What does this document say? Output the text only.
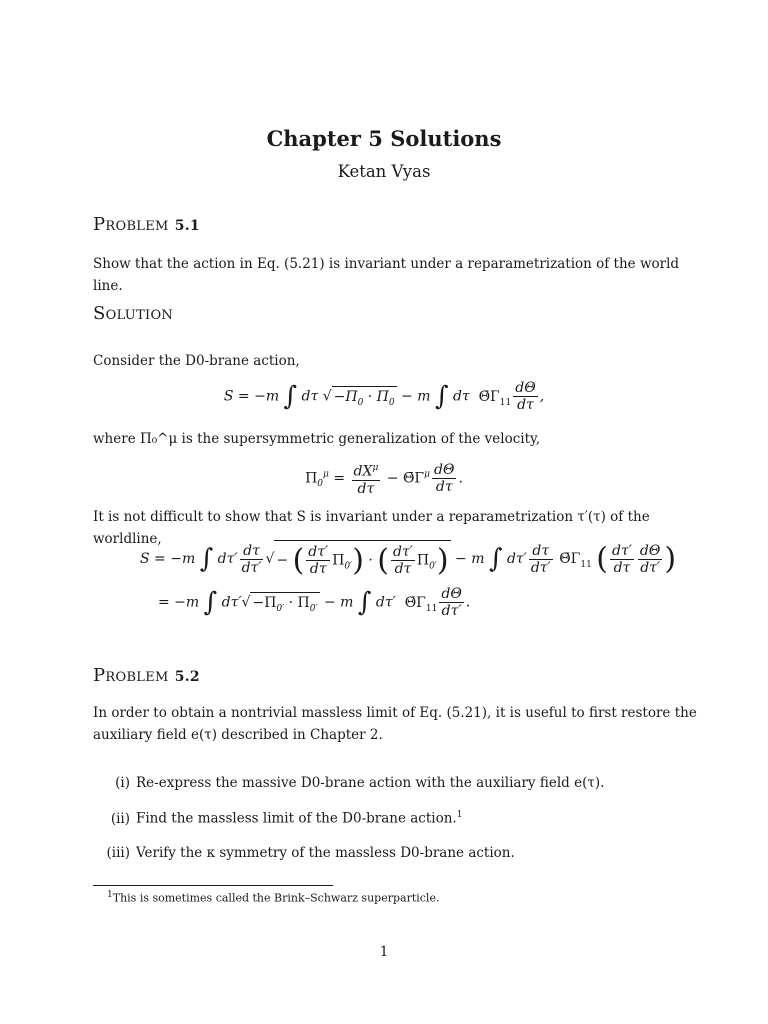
Chapter 5 Solutions
Ketan Vyas
Problem 5.1
Show that the action in Eq. (5.21) is invariant under a reparametrization of the world line.
Solution
Consider the D0-brane action,
S = −m ∫ dτ √ $-\Pi_0 \cdot \Pi_0 - m$ ∫ dτ  $\Thetā\Gamma_{11} \frac{d\Theta}{d\tau}$ ,
where Π₀^μ is the supersymmetric generalization of the velocity,
$\Pi_0^\mu = \frac{dX^\mu}{d\tau}$ − $\Thetā\Gamma^\mu \frac{d\Theta}{d\tau}$ .
It is not difficult to show that S is invariant under a reparametrization τ′(τ) of the worldline,
S = −m ∫ $d\tau' \frac{d\tau}{d\tau'}$ √ − ( $\frac{d\tau'}{d\tau} \Pi_{0'}$) · ( $\frac{d\tau'}{d\tau} \Pi_{0'}) - m$ ∫ $d\tau' \frac{d\tau}{d\tau'}$ $\Thetā\Gamma_{11}$ ( $\frac{d\tau'}{d\tau} \frac{d\Theta}{d\tau'}$ )
= −m ∫ $d\tau'√ -\Pi_{0'} \cdot \Pi_{0'} - m$ ∫ dτ′  $\Thetā\Gamma_{11} \frac{d\Theta}{d\tau'}$ .
Problem 5.2
In order to obtain a nontrivial massless limit of Eq. (5.21), it is useful to first restore the auxiliary field e(τ) described in Chapter 2.
(i) Re-express the massive D0-brane action with the auxiliary field e(τ).
(ii) Find the massless limit of the D0-brane action.$^1$
(iii) Verify the κ symmetry of the massless D0-brane action.
$^1$This is sometimes called the Brink–Schwarz superparticle.
1
